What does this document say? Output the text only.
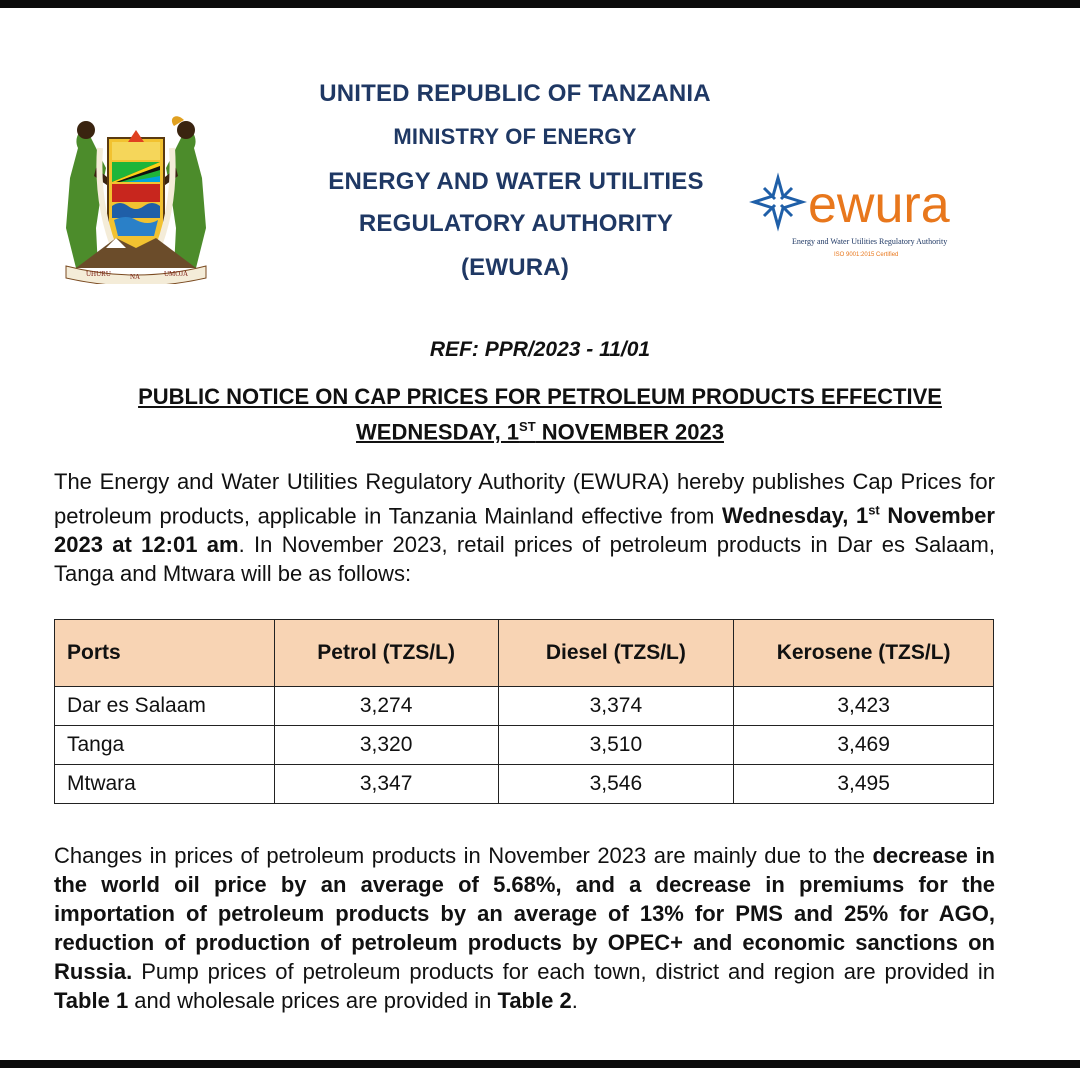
UHURU	NA	UMOJA
UNITED REPUBLIC OF TANZANIA
MINISTRY OF ENERGY
ENERGY AND WATER UTILITIES
REGULATORY AUTHORITY
(EWURA)
ewura
Energy and Water Utilities Regulatory Authority
ISO 9001:2015 Certified
REF: PPR/2023 - 11/01
PUBLIC NOTICE ON CAP PRICES FOR PETROLEUM PRODUCTS EFFECTIVE
WEDNESDAY, 1ST NOVEMBER 2023
The Energy and Water Utilities Regulatory Authority (EWURA) hereby publishes Cap Prices for petroleum products, applicable in Tanzania Mainland effective from Wednesday, 1st November 2023 at 12:01 am. In November 2023, retail prices of petroleum products in Dar es Salaam, Tanga and Mtwara will be as follows:
Ports	Petrol (TZS/L)	Diesel (TZS/L)	Kerosene (TZS/L)
Dar es Salaam	3,274	3,374	3,423
Tanga	3,320	3,510	3,469
Mtwara	3,347	3,546	3,495
Changes in prices of petroleum products in November 2023 are mainly due to the decrease in the world oil price by an average of 5.68%, and a decrease in premiums for the importation of petroleum products by an average of 13% for PMS and 25% for AGO, reduction of production of petroleum products by OPEC+ and economic sanctions on Russia. Pump prices of petroleum products for each town, district and region are provided in Table 1 and wholesale prices are provided in Table 2.
